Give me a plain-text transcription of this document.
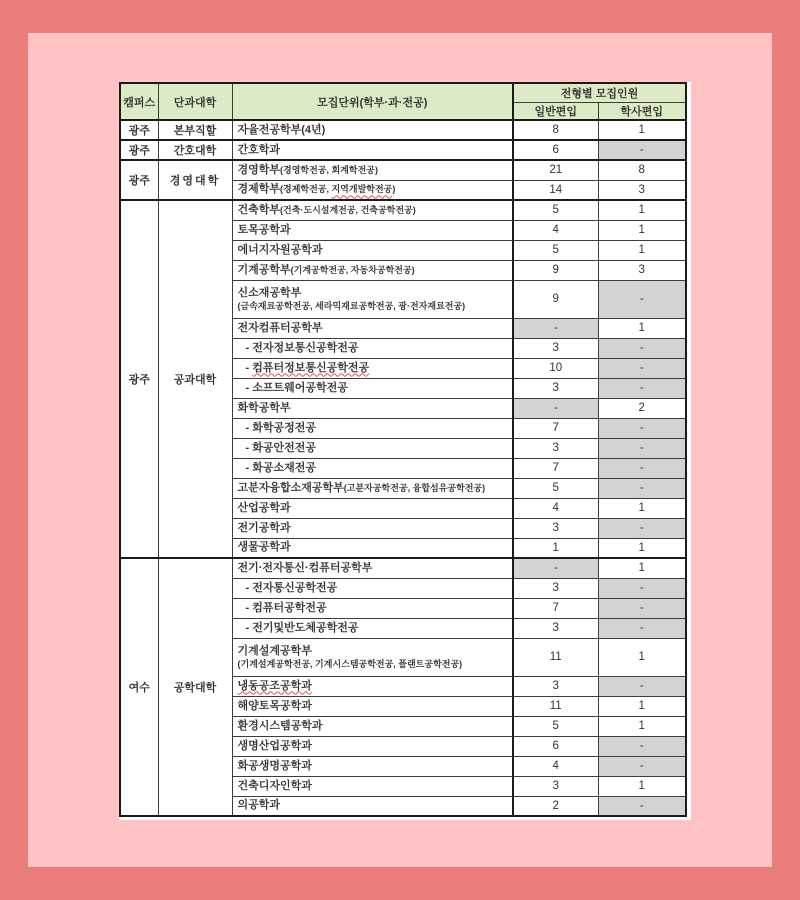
캠퍼스	단과대학	모집단위(학부·과·전공)	전형별 모집인원	
			일반편입	학사편입
광주	본부직할	자율전공학부(4년)	8	1
광주	간호대학	간호학과	6	-
광주	경영대학	경영학부(경영학전공, 회계학전공)	21	8

		경제학부(경제학전공, 지역개발학전공)	14	3
광주	공과대학	건축학부(건축·도시설계전공, 건축공학전공)	5	1

		토목공학과	4	1

		에너지자원공학과	5	1

		기계공학부(기계공학전공, 자동차공학전공)	9	3

		신소재공학부
(금속재료공학전공, 세라믹재료공학전공, 광·전자재료전공)	9	-

		전자컴퓨터공학부	-	1

		- 전자정보통신공학전공	3	-

		- 컴퓨터정보통신공학전공	10	-

		- 소프트웨어공학전공	3	-

		화학공학부	-	2

		- 화학공정전공	7	-

		- 화공안전전공	3	-

		- 화공소재전공	7	-

		고분자융합소재공학부(고분자공학전공, 융합섬유공학전공)	5	-

		산업공학과	4	1

		전기공학과	3	-

		생물공학과	1	1
여수	공학대학	전기·전자통신·컴퓨터공학부	-	1

		- 전자통신공학전공	3	-

		- 컴퓨터공학전공	7	-

		- 전기및반도체공학전공	3	-

		기계설계공학부
(기계설계공학전공, 기계시스템공학전공, 플랜트공학전공)	11	1

		냉동공조공학과	3	-

		해양토목공학과	11	1

		환경시스템공학과	5	1

		생명산업공학과	6	-

		화공생명공학과	4	-

		건축디자인학과	3	1

		의공학과	2	-
